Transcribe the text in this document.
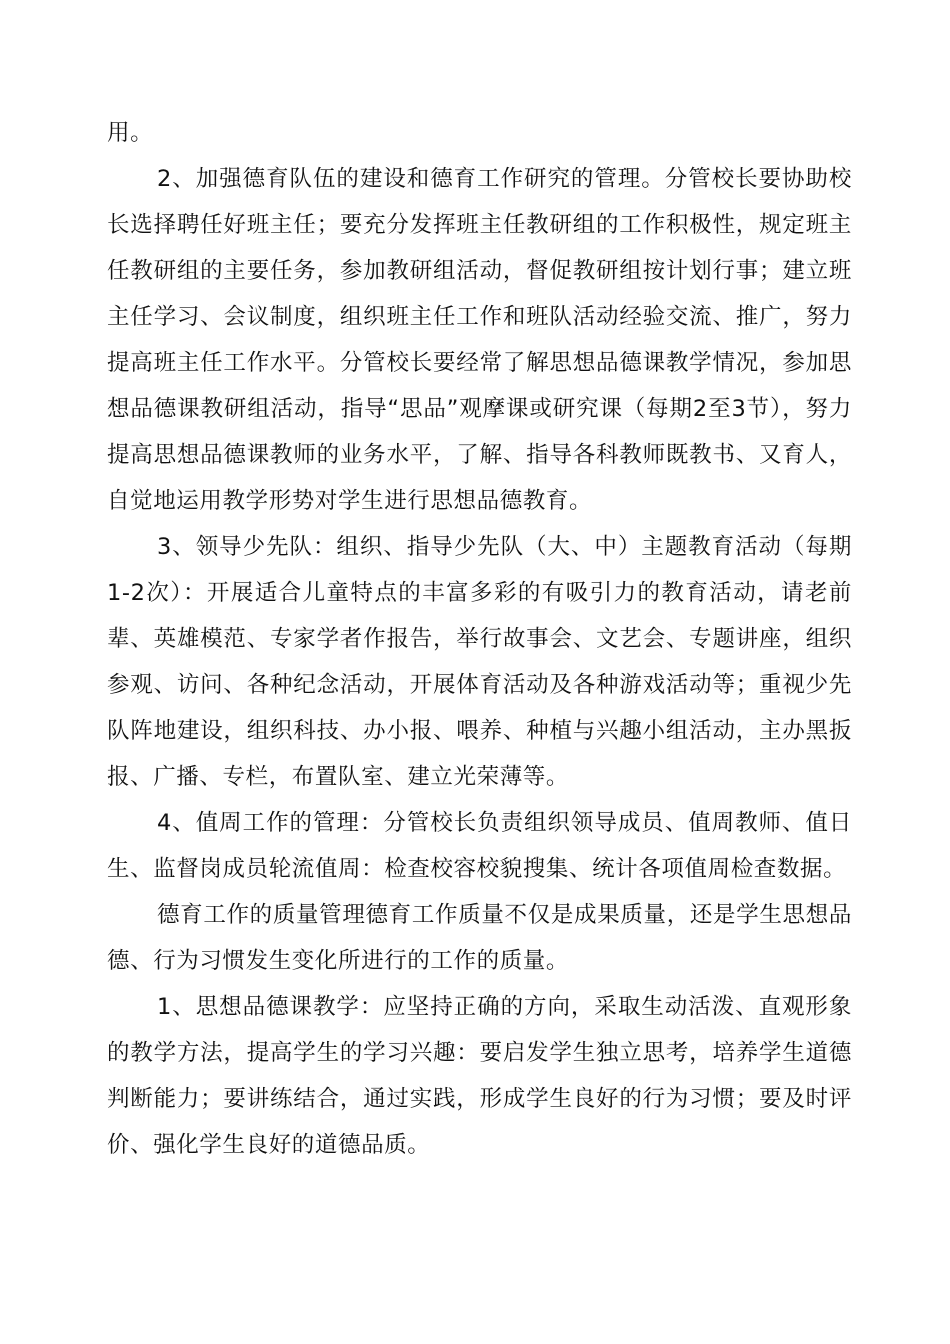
用。

2、加强德育队伍的建设和德育工作研究的管理。分管校长要协助校长选择聘任好班主任；要充分发挥班主任教研组的工作积极性，规定班主任教研组的主要任务，参加教研组活动，督促教研组按计划行事；建立班主任学习、会议制度，组织班主任工作和班队活动经验交流、推广，努力提高班主任工作水平。分管校长要经常了解思想品德课教学情况，参加思想品德课教研组活动，指导“思品”观摩课或研究课（每期2至3节），努力提高思想品德课教师的业务水平，了解、指导各科教师既教书、又育人，自觉地运用教学形势对学生进行思想品德教育。

3、领导少先队：组织、指导少先队（大、中）主题教育活动（每期1-2次）：开展适合儿童特点的丰富多彩的有吸引力的教育活动，请老前辈、英雄模范、专家学者作报告，举行故事会、文艺会、专题讲座，组织参观、访问、各种纪念活动，开展体育活动及各种游戏活动等；重视少先队阵地建设，组织科技、办小报、喂养、种植与兴趣小组活动，主办黑扳报、广播、专栏，布置队室、建立光荣薄等。

4、值周工作的管理：分管校长负责组织领导成员、值周教师、值日生、监督岗成员轮流值周：检查校容校貌搜集、统计各项值周检查数据。

德育工作的质量管理德育工作质量不仅是成果质量，还是学生思想品德、行为习惯发生变化所进行的工作的质量。

1、思想品德课教学：应坚持正确的方向，采取生动活泼、直观形象的教学方法，提高学生的学习兴趣：要启发学生独立思考，培养学生道德判断能力；要讲练结合，通过实践，形成学生良好的行为习惯；要及时评价、强化学生良好的道德品质。
